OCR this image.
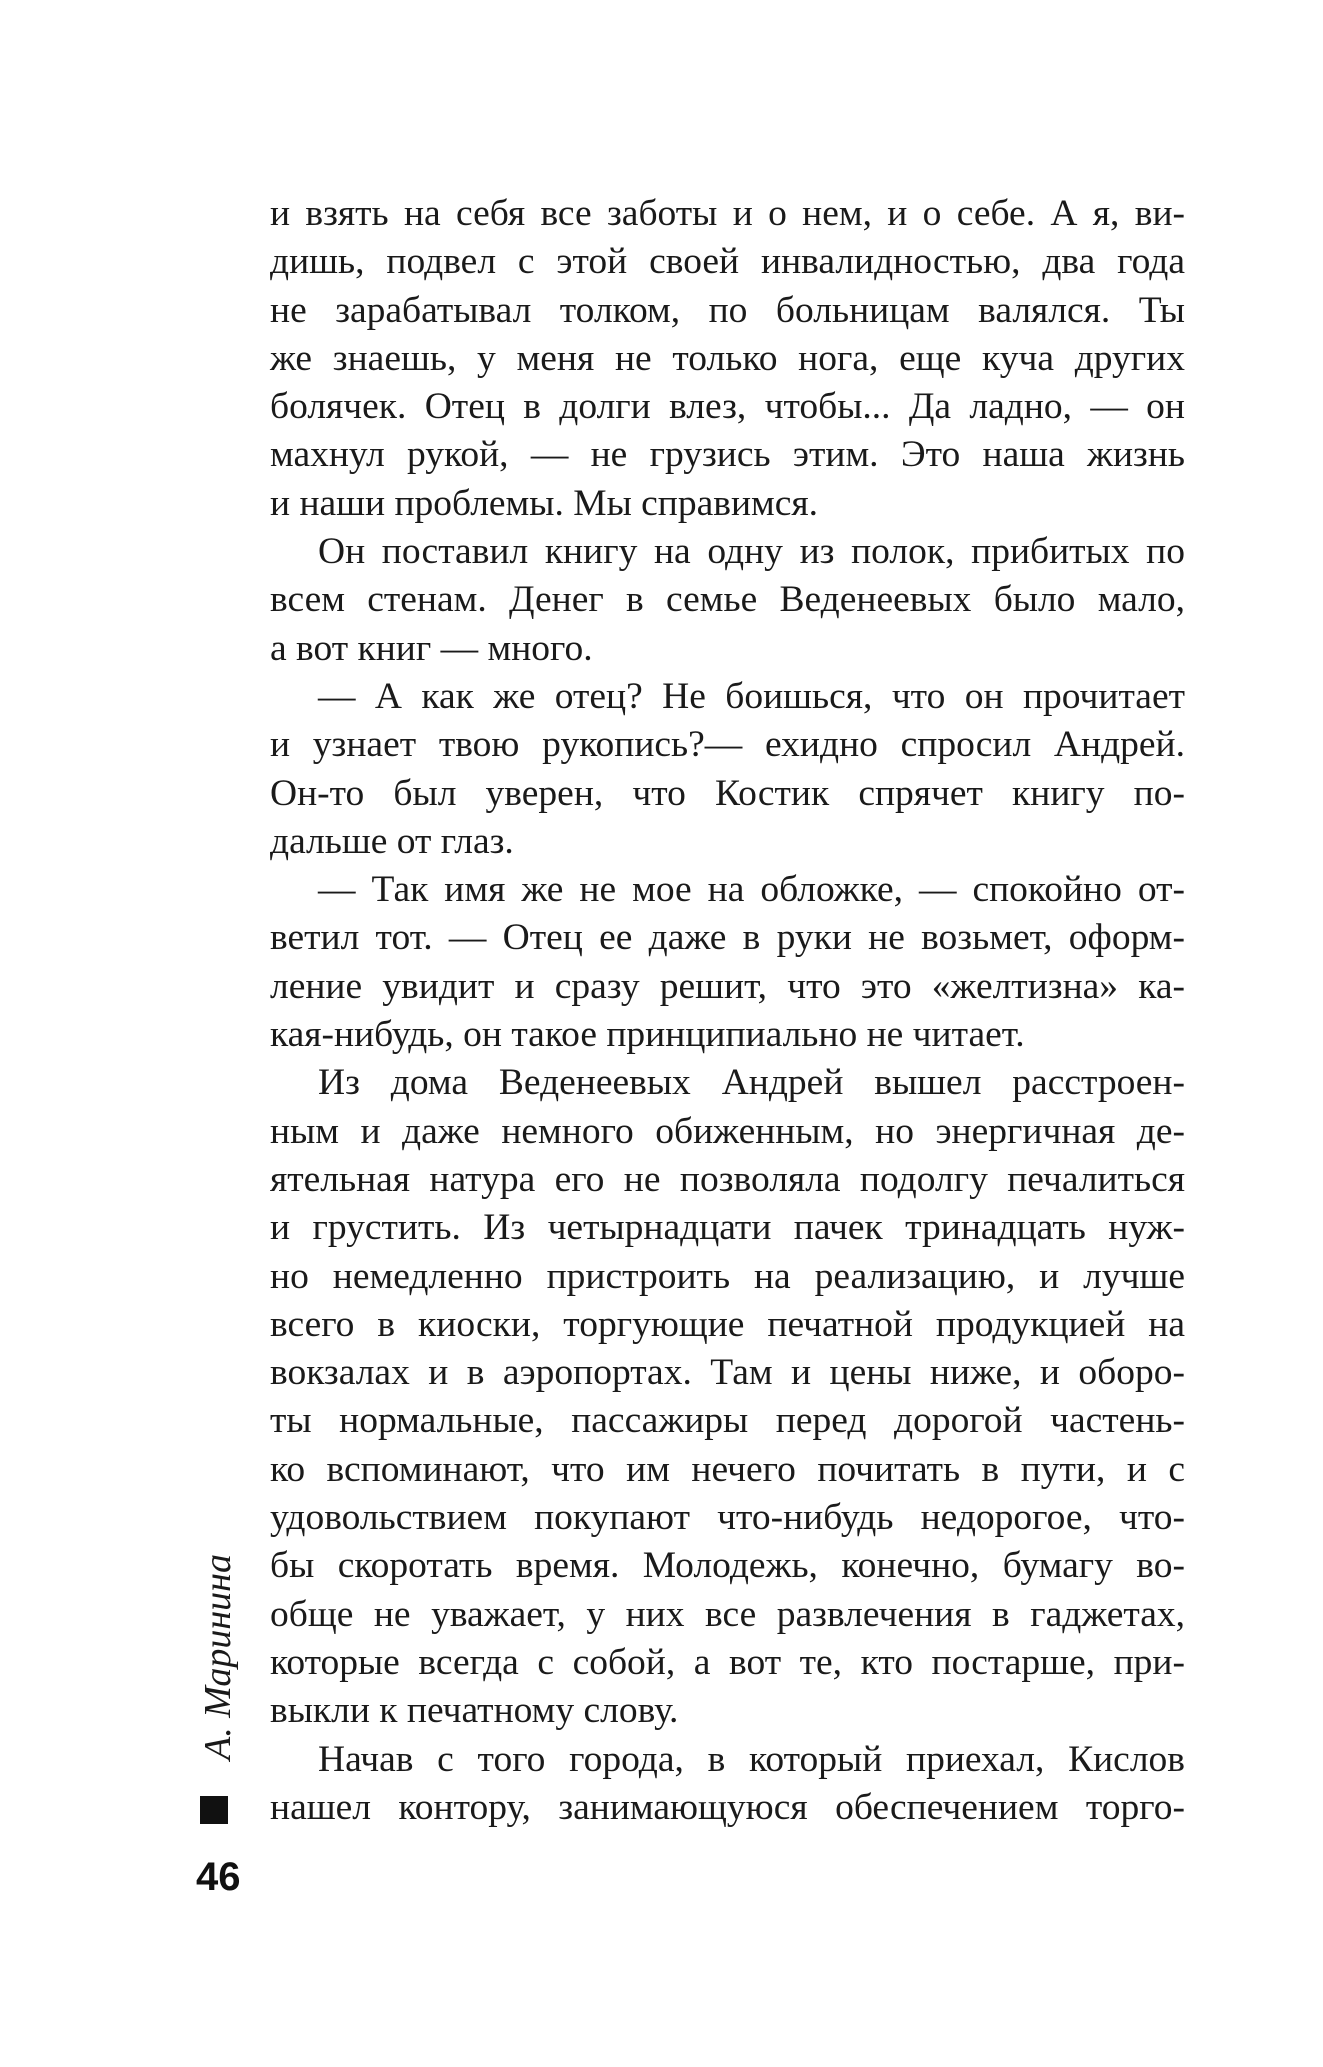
и взять на себя все заботы и о нем, и о себе. А я, ви-
дишь, подвел с этой своей инвалидностью, два года
не зарабатывал толком, по больницам валялся. Ты
же знаешь, у меня не только нога, еще куча других
болячек. Отец в долги влез, чтобы... Да ладно, — он
махнул рукой, — не грузись этим. Это наша жизнь
и наши проблемы. Мы справимся.
Он поставил книгу на одну из полок, прибитых по
всем стенам. Денег в семье Веденеевых было мало,
а вот книг — много.
— А как же отец? Не боишься, что он прочитает
и узнает твою рукопись?— ехидно спросил Андрей.
Он-то был уверен, что Костик спрячет книгу по-
дальше от глаз.
— Так имя же не мое на обложке, — спокойно от-
ветил тот. — Отец ее даже в руки не возьмет, оформ-
ление увидит и сразу решит, что это «желтизна» ка-
кая-нибудь, он такое принципиально не читает.
Из дома Веденеевых Андрей вышел расстроен-
ным и даже немного обиженным, но энергичная де-
ятельная натура его не позволяла подолгу печалиться
и грустить. Из четырнадцати пачек тринадцать нуж-
но немедленно пристроить на реализацию, и лучше
всего в киоски, торгующие печатной продукцией на
вокзалах и в аэропортах. Там и цены ниже, и оборо-
ты нормальные, пассажиры перед дорогой частень-
ко вспоминают, что им нечего почитать в пути, и с
удовольствием покупают что-нибудь недорогое, что-
бы скоротать время. Молодежь, конечно, бумагу во-
обще не уважает, у них все развлечения в гаджетах,
которые всегда с собой, а вот те, кто постарше, при-
выкли к печатному слову.
Начав с того города, в который приехал, Кислов
нашел контору, занимающуюся обеспечением торго-
А. Маринина
46
